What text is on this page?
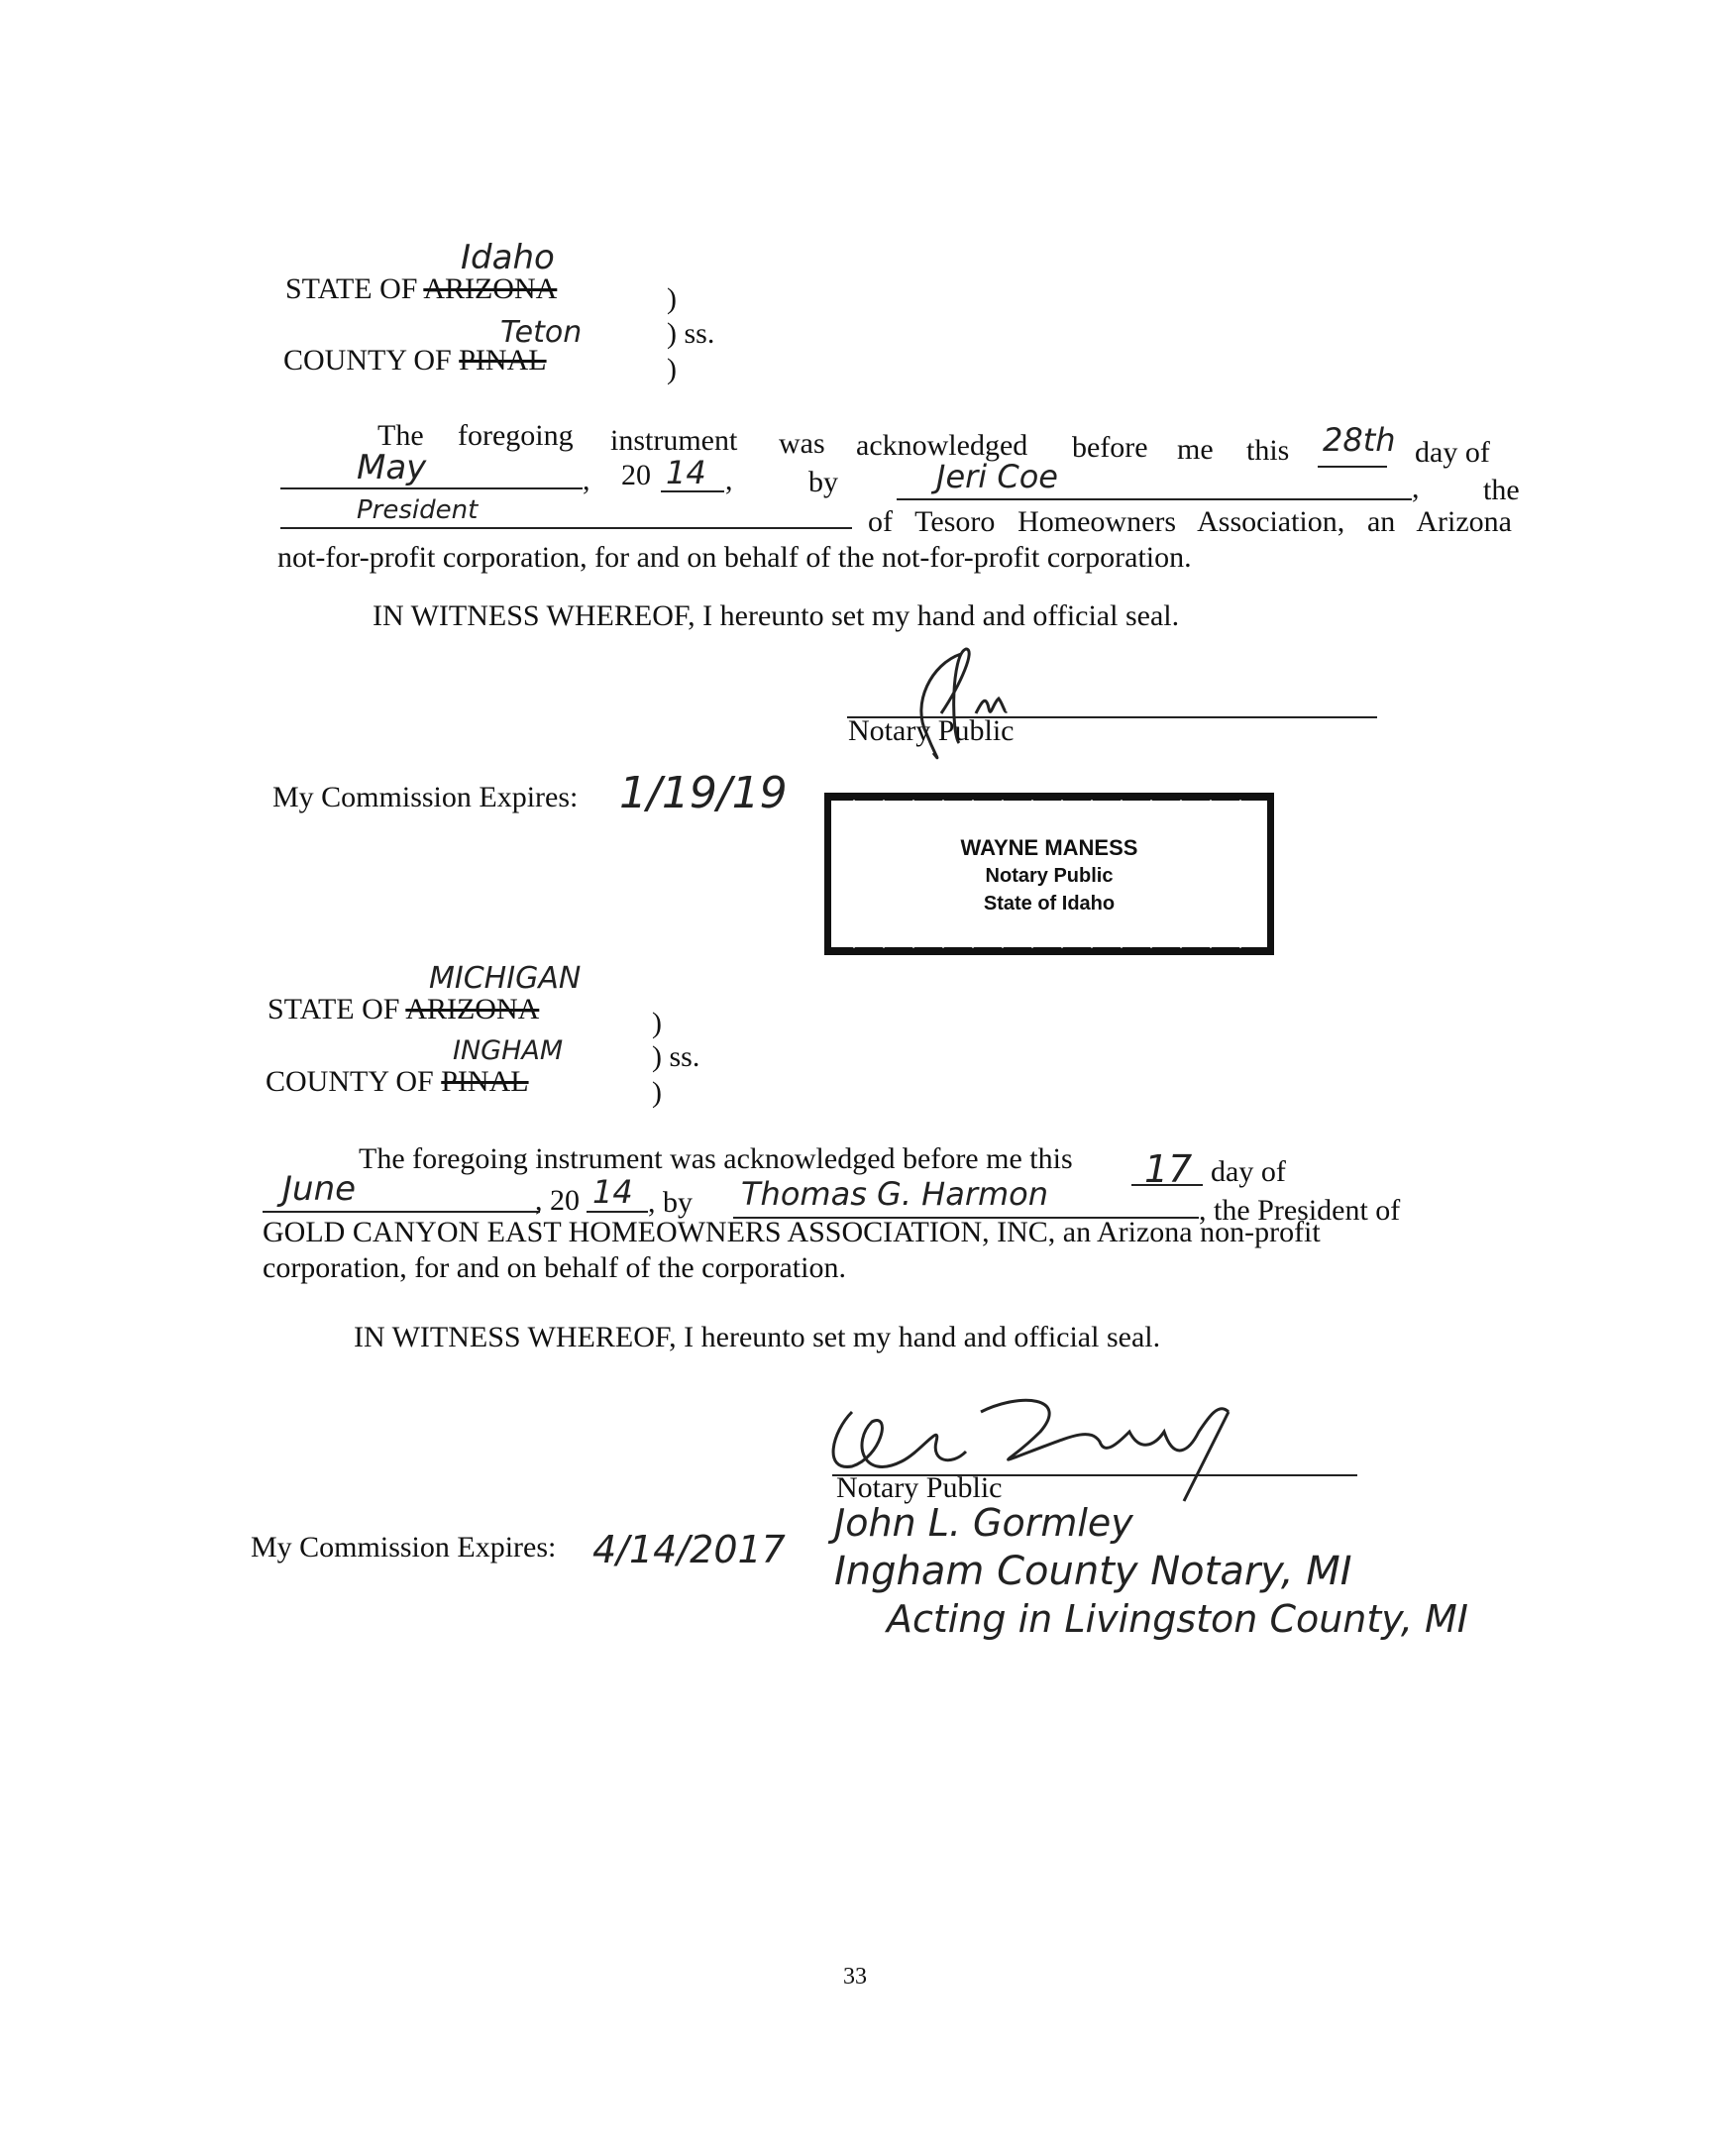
Idaho
STATE OF ARIZONA	)
Teton	) ss.
COUNTY OF PINAL	)
The foregoing instrument was acknowledged before me this 28th day of
May	, 20 14 ,	by	Jeri Coe	, the
President	of Tesoro Homeowners Association, an Arizona
not-for-profit corporation, for and on behalf of the not-for-profit corporation.
IN WITNESS WHEREOF, I hereunto set my hand and official seal.
Notary Public
My Commission Expires: 1/19/19
WAYNE MANESS
Notary Public
State of Idaho
MICHIGAN
STATE OF ARIZONA	)
INGHAM	) ss.
COUNTY OF PINAL	)
The foregoing instrument was acknowledged before me this 17 day of
June	, 20 14 , by Thomas G. Harmon	, the President of
GOLD CANYON EAST HOMEOWNERS ASSOCIATION, INC, an Arizona non-profit
corporation, for and on behalf of the corporation.
IN WITNESS WHEREOF, I hereunto set my hand and official seal.
Notary Public
My Commission Expires: 4/14/2017
John L. Gormley
Ingham County Notary, MI
Acting in Livingston County, MI
33
